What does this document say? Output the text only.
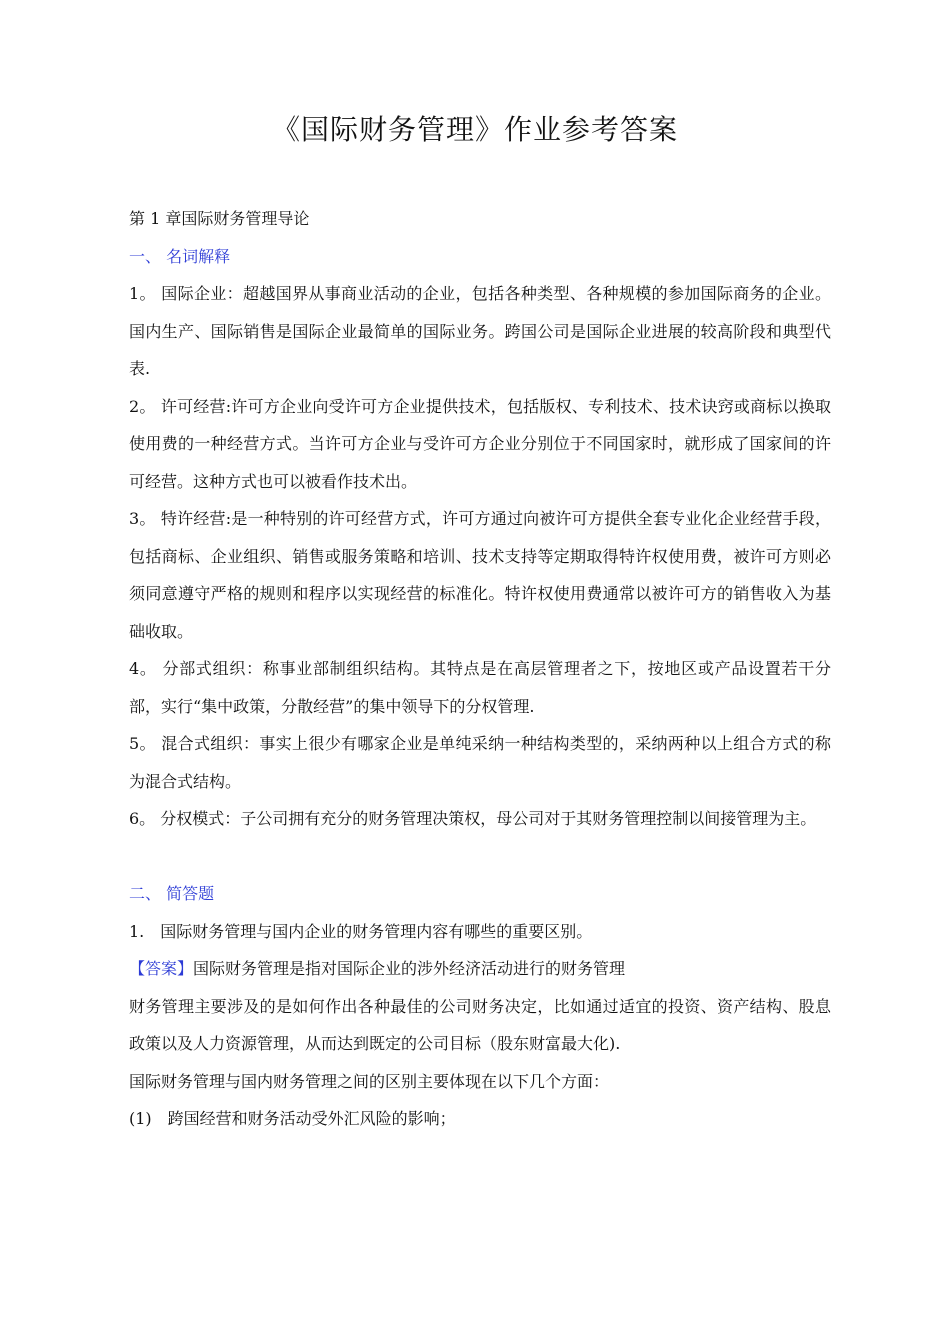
《国际财务管理》作业参考答案
第 1 章国际财务管理导论
一、 名词解释
1。 国际企业：超越国界从事商业活动的企业，包括各种类型、各种规模的参加国际商务的企业。国内生产、国际销售是国际企业最简单的国际业务。跨国公司是国际企业进展的较高阶段和典型代表.
2。 许可经营:许可方企业向受许可方企业提供技术，包括版权、专利技术、技术诀窍或商标以换取使用费的一种经营方式。当许可方企业与受许可方企业分别位于不同国家时，就形成了国家间的许可经营。这种方式也可以被看作技术出。
3。 特许经营:是一种特别的许可经营方式，许可方通过向被许可方提供全套专业化企业经营手段，包括商标、企业组织、销售或服务策略和培训、技术支持等定期取得特许权使用费，被许可方则必须同意遵守严格的规则和程序以实现经营的标准化。特许权使用费通常以被许可方的销售收入为基础收取。
4。 分部式组织：称事业部制组织结构。其特点是在高层管理者之下，按地区或产品设置若干分部，实行“集中政策，分散经营”的集中领导下的分权管理.
5。 混合式组织：事实上很少有哪家企业是单纯采纳一种结构类型的，采纳两种以上组合方式的称为混合式结构。
6。 分权模式：子公司拥有充分的财务管理决策权，母公司对于其财务管理控制以间接管理为主。
二、 简答题
1.　国际财务管理与国内企业的财务管理内容有哪些的重要区别。
【答案】国际财务管理是指对国际企业的涉外经济活动进行的财务管理
财务管理主要涉及的是如何作出各种最佳的公司财务决定，比如通过适宜的投资、资产结构、股息政策以及人力资源管理，从而达到既定的公司目标（股东财富最大化).
国际财务管理与国内财务管理之间的区别主要体现在以下几个方面：
(1)　跨国经营和财务活动受外汇风险的影响；
